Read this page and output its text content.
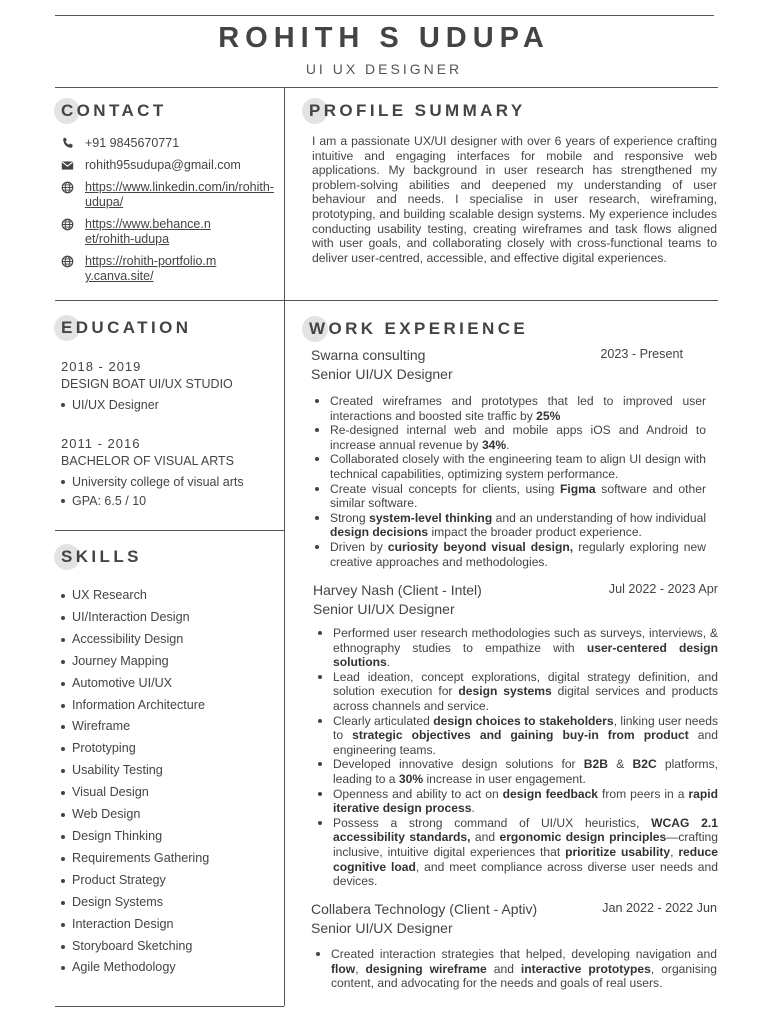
ROHITH S UDUPA
UI UX DESIGNER
CONTACT
+91 9845670771
rohith95sudupa@gmail.com
https://www.linkedin.com/in/rohith-udupa/
https://www.behance.net/rohith-udupa
https://rohith-portfolio.my.canva.site/
PROFILE SUMMARY

I am a passionate UX/UI designer with over 6 years of experience crafting intuitive and engaging interfaces for mobile and responsive web applications. My background in user research has strengthened my problem-solving abilities and deepened my understanding of user behaviour and needs. I specialise in user research, wireframing, prototyping, and building scalable design systems. My experience includes conducting usability testing, creating wireframes and task flows aligned with user goals, and collaborating closely with cross-functional teams to deliver user-centred, accessible, and effective digital experiences.

EDUCATION
2018 - 2019
DESIGN BOAT UI/UX STUDIO
UI/UX Designer
2011 - 2016
BACHELOR OF VISUAL ARTS
University college of visual arts
GPA: 6.5 / 10
SKILLS
UX Research
UI/Interaction Design
Accessibility Design
Journey Mapping
Automotive UI/UX
Information Architecture
Wireframe
Prototyping
Usability Testing
Visual Design
Web Design
Design Thinking
Requirements Gathering
Product Strategy
Design Systems
Interaction Design
Storyboard Sketching
Agile Methodology
WORK EXPERIENCE
Swarna consulting
Senior UI/UX Designer
2023 - Present
Created wireframes and prototypes that led to improved user interactions and boosted site traffic by 25%
Re-designed internal web and mobile apps iOS and Android to increase annual revenue by 34%.
Collaborated closely with the engineering team to align UI design with technical capabilities, optimizing system performance.
Create visual concepts for clients, using Figma software and other similar software.
Strong system-level thinking and an understanding of how individual design decisions impact the broader product experience.
Driven by curiosity beyond visual design, regularly exploring new creative approaches and methodologies.
Harvey Nash (Client - Intel)
Senior UI/UX Designer
Jul 2022 - 2023 Apr
Performed user research methodologies such as surveys, interviews, & ethnography studies to empathize with user-centered design solutions.
Lead ideation, concept explorations, digital strategy definition, and solution execution for design systems digital services and products across channels and service.
Clearly articulated design choices to stakeholders, linking user needs to strategic objectives and gaining buy-in from product and engineering teams.
Developed innovative design solutions for B2B & B2C platforms, leading to a 30% increase in user engagement.
Openness and ability to act on design feedback from peers in a rapid iterative design process.
Possess a strong command of UI/UX heuristics, WCAG 2.1 accessibility standards, and ergonomic design principles—crafting inclusive, intuitive digital experiences that prioritize usability, reduce cognitive load, and meet compliance across diverse user needs and devices.
Collabera Technology (Client - Aptiv)
Senior UI/UX Designer
Jan 2022 - 2022 Jun
Created interaction strategies that helped, developing navigation and flow, designing wireframe and interactive prototypes, organising content, and advocating for the needs and goals of real users.
